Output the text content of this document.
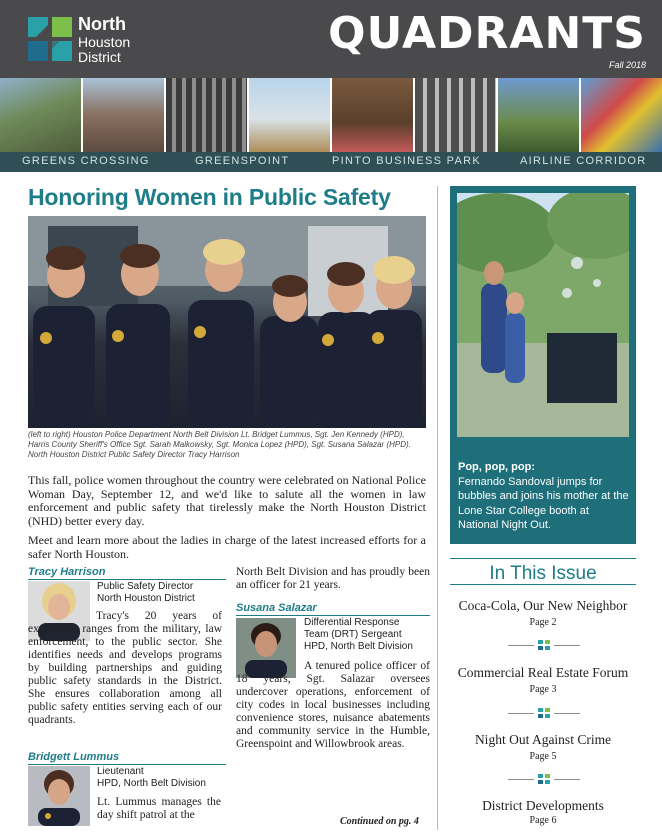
North
Houston
District	QUADRANTS
Fall 2018
GREENS CROSSING	GREENSPOINT	PINTO BUSINESS PARK	AIRLINE CORRIDOR
Honoring Women in Public Safety
(left to right) Houston Police Department North Belt Division Lt. Bridget Lummus, Sgt. Jen Kennedy (HPD), Harris County Sheriff's Office Sgt. Sarah Malkowsky, Sgt. Monica Lopez (HPD), Sgt. Susana Salazar (HPD). North Houston District Public Safety Director Tracy Harrison
This fall, police women throughout the country were celebrated on National Police Woman Day, September 12, and we'd like to salute all the women in law enforcement and public safety that tirelessly make the North Houston District (NHD) better every day.
Meet and learn more about the ladies in charge of the latest increased efforts for a safer North Houston.
Tracy Harrison
Public Safety Director
North Houston District
Tracy's 20 years of experience ranges from the military, law enforcement, to the public sector. She identifies needs and develops programs by building partnerships and guiding public safety standards in the District. She ensures collaboration among all public safety entities serving each of our quadrants.
Bridgett Lummus
Lieutenant
HPD, North Belt Division
Lt. Lummus manages the day shift patrol at the
North Belt Division and has proudly been an officer for 21 years.
Susana Salazar
Differential Response
Team (DRT) Sergeant
HPD, North Belt Division
A tenured police officer of 18 years, Sgt. Salazar oversees undercover operations, enforcement of city codes in local businesses including convenience stores, nuisance abatements and community service in the Humble, Greenspoint and Willowbrook areas.
Continued on pg. 4
Pop, pop, pop:
Fernando Sandoval jumps for bubbles and joins his mother at the Lone Star College booth at National Night Out.
In This Issue
Coca-Cola, Our New Neighbor
Page 2
Commercial Real Estate Forum
Page 3
Night Out Against Crime
Page 5
District Developments
Page 6
